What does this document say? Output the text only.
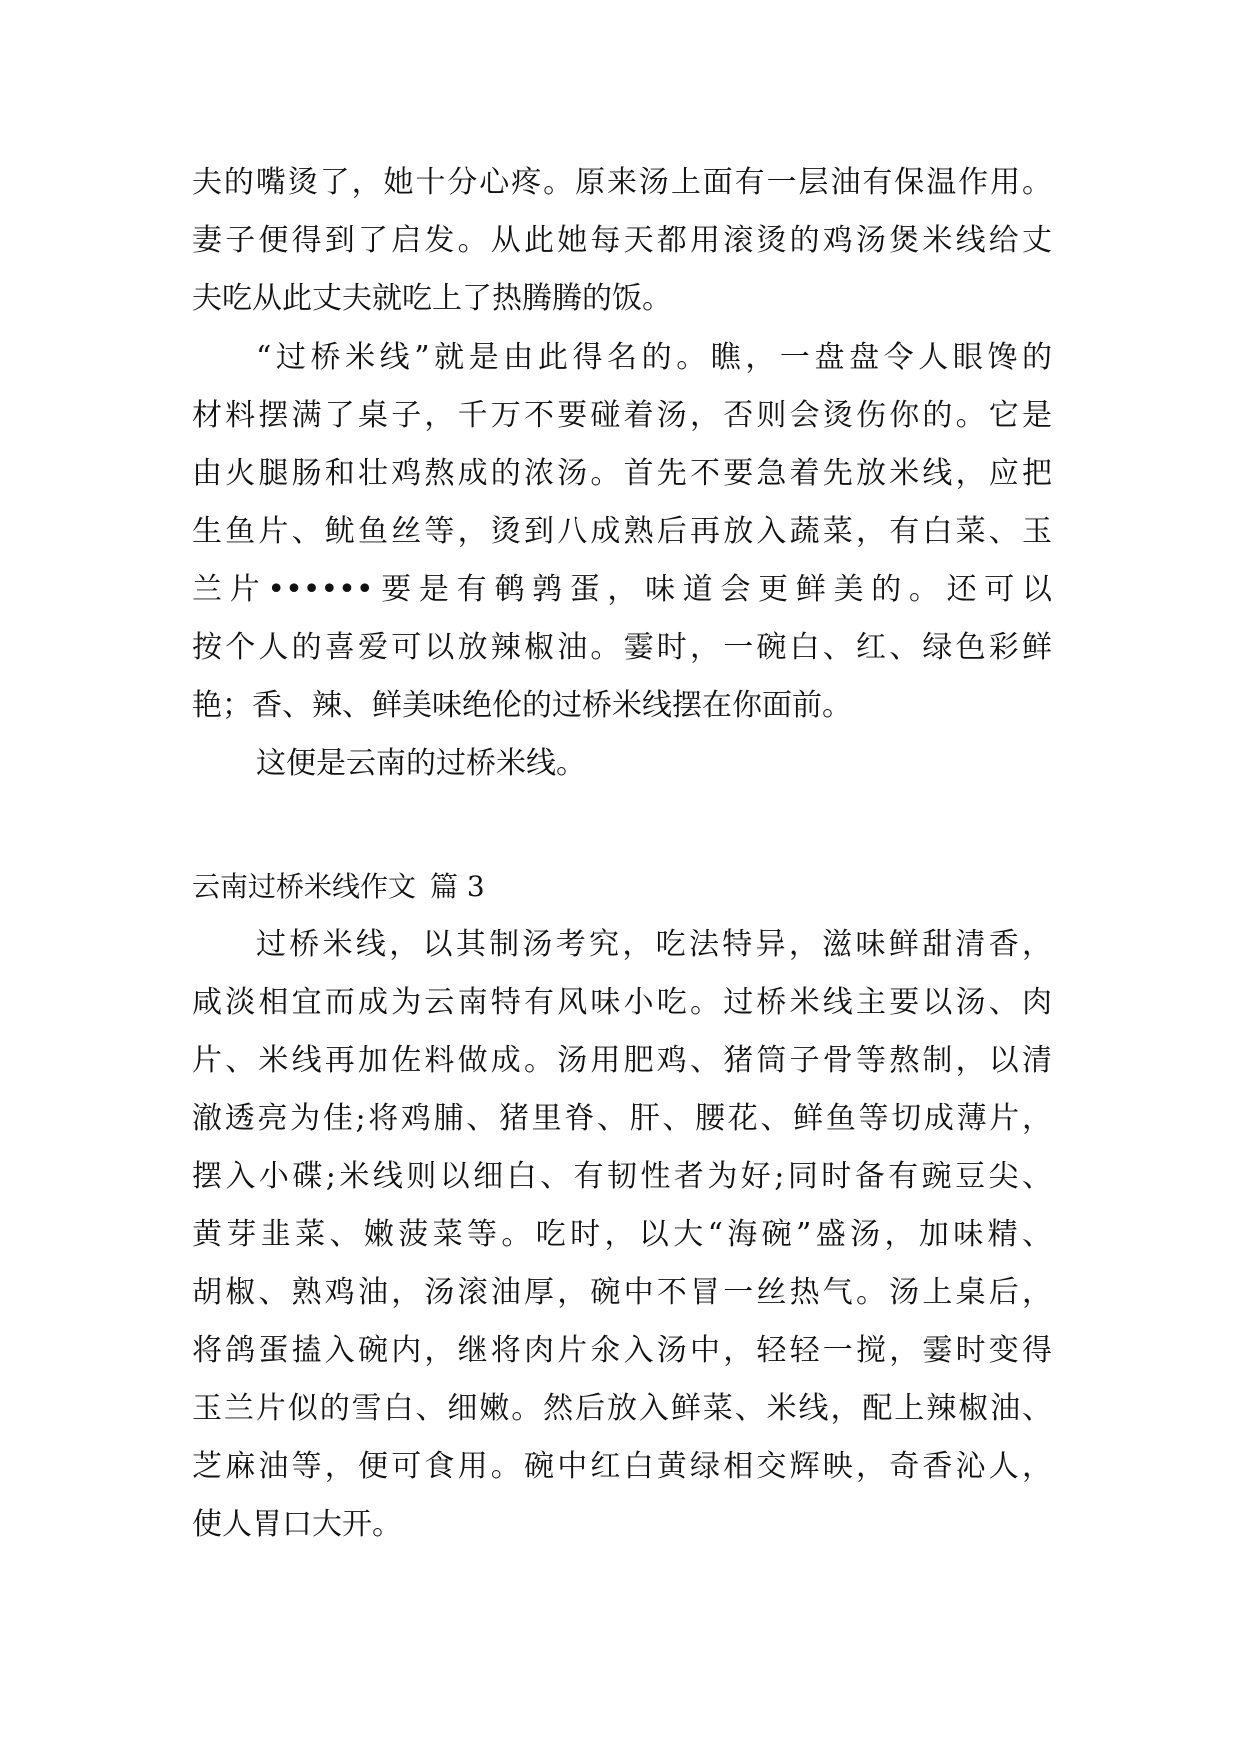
夫的嘴烫了，她十分心疼。原来汤上面有一层油有保温作用。
妻子便得到了启发。从此她每天都用滚烫的鸡汤煲米线给丈
夫吃从此丈夫就吃上了热腾腾的饭。
“过桥米线”就是由此得名的。瞧，一盘盘令人眼馋的
材料摆满了桌子，千万不要碰着汤，否则会烫伤你的。它是
由火腿肠和壮鸡熬成的浓汤。首先不要急着先放米线，应把
生鱼片、鱿鱼丝等，烫到八成熟后再放入蔬菜，有白菜、玉
兰片••••••要是有鹌鹑蛋，味道会更鲜美的。还可以
按个人的喜爱可以放辣椒油。霎时，一碗白、红、绿色彩鲜
艳；香、辣、鲜美味绝伦的过桥米线摆在你面前。
这便是云南的过桥米线。
云南过桥米线作文 篇 3
过桥米线，以其制汤考究，吃法特异，滋味鲜甜清香，
咸淡相宜而成为云南特有风味小吃。过桥米线主要以汤、肉
片、米线再加佐料做成。汤用肥鸡、猪筒子骨等熬制，以清
澈透亮为佳;将鸡脯、猪里脊、肝、腰花、鲜鱼等切成薄片，
摆入小碟;米线则以细白、有韧性者为好;同时备有豌豆尖、
黄芽韭菜、嫩菠菜等。吃时，以大“海碗”盛汤，加味精、
胡椒、熟鸡油，汤滚油厚，碗中不冒一丝热气。汤上桌后，
将鸽蛋搕入碗内，继将肉片氽入汤中，轻轻一搅，霎时变得
玉兰片似的雪白、细嫩。然后放入鲜菜、米线，配上辣椒油、
芝麻油等，便可食用。碗中红白黄绿相交辉映，奇香沁人，
使人胃口大开。
